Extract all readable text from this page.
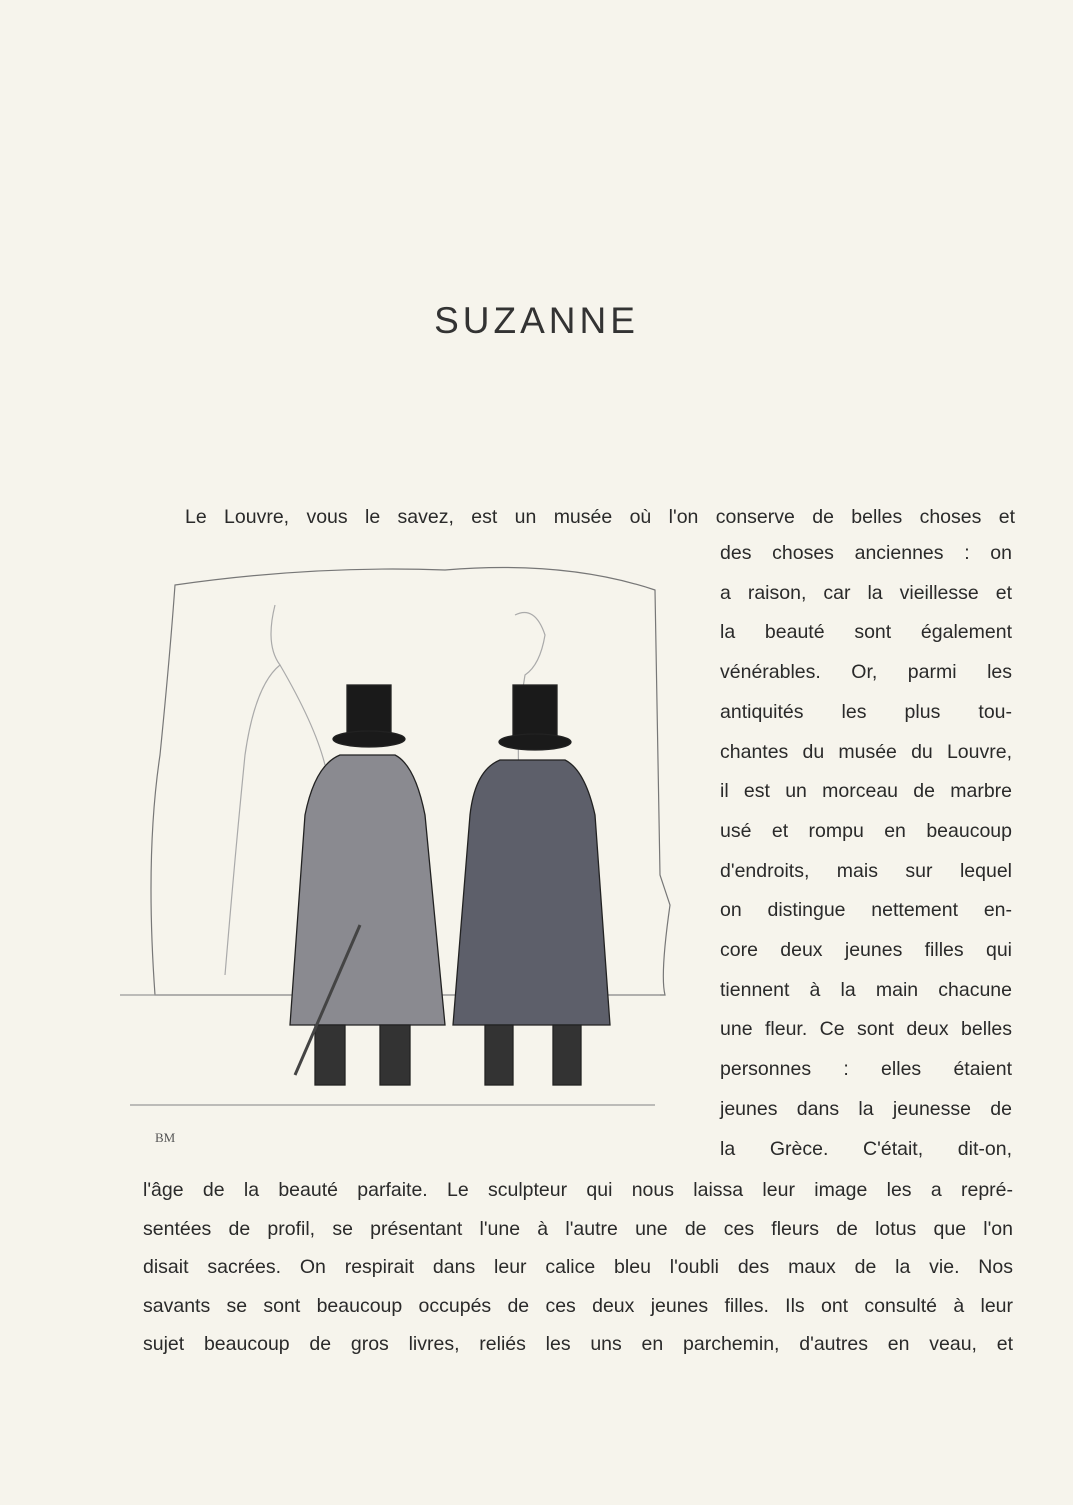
SUZANNE
Le Louvre, vous le savez, est un musée où l'on conserve de belles choses et
des choses anciennes : on
a raison, car la vieillesse et
la beauté sont également
vénérables. Or, parmi les
antiquités les plus tou-
chantes du musée du Louvre,
il est un morceau de marbre
usé et rompu en beaucoup
d'endroits, mais sur lequel
on distingue nettement en-
core deux jeunes filles qui
tiennent à la main chacune
une fleur. Ce sont deux belles
personnes : elles étaient
jeunes dans la jeunesse de
la Grèce. C'était, dit-on,
l'âge de la beauté parfaite. Le sculpteur qui nous laissa leur image les a repré-
sentées de profil, se présentant l'une à l'autre une de ces fleurs de lotus que l'on
disait sacrées. On respirait dans leur calice bleu l'oubli des maux de la vie. Nos
savants se sont beaucoup occupés de ces deux jeunes filles. Ils ont consulté à leur
sujet beaucoup de gros livres, reliés les uns en parchemin, d'autres en veau, et
BM
